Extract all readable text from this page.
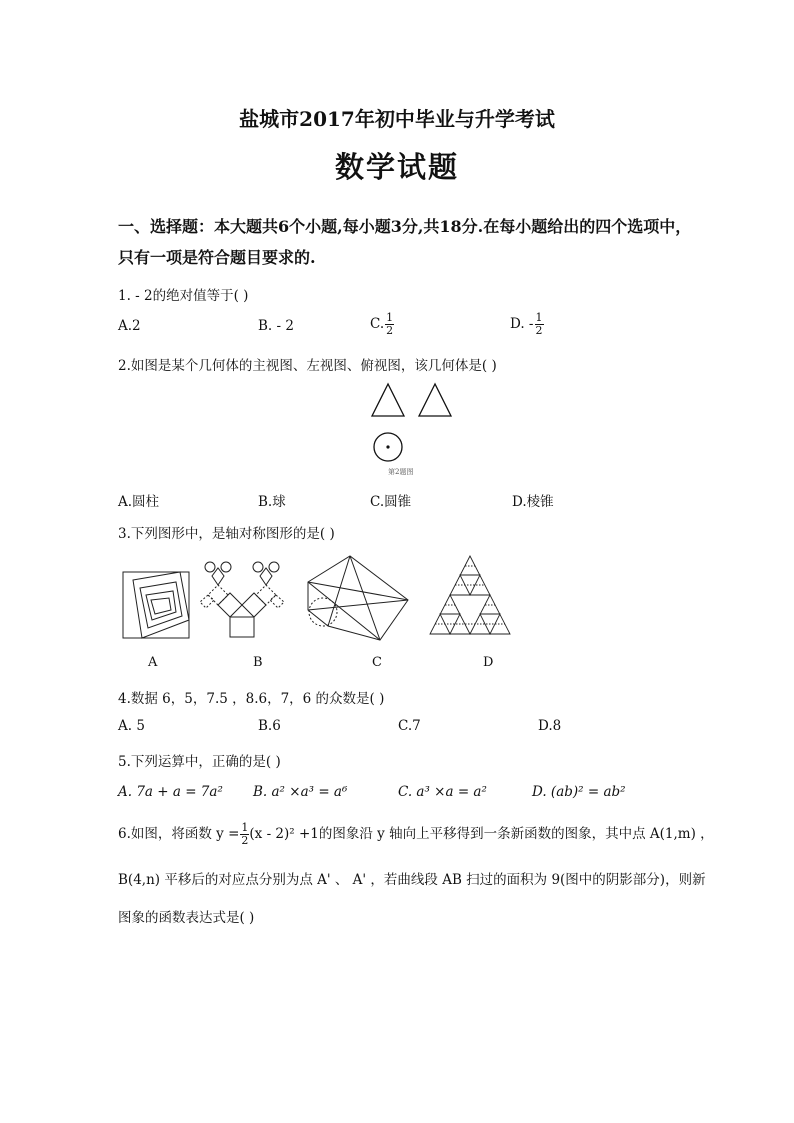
盐城市2017年初中毕业与升学考试
数学试题
一、选择题：本大题共6个小题,每小题3分,共18分.在每小题给出的四个选项中，
只有一项是符合题目要求的.
1. - 2的绝对值等于( )
A.2	B. - 2	C. $\frac{1}{2}$	D. - $\frac{1}{2}$
2.如图是某个几何体的主视图、左视图、俯视图，该几何体是( )
第2题图
A.圆柱	B.球	C.圆锥	D.棱锥
3.下列图形中，是轴对称图形的是( )
A	B	C	D
4.数据 6，5，7.5 ，8.6，7，6 的众数是( )
A. 5	B.6	C.7	D.8
5.下列运算中，正确的是( )
A. 7a + a = 7a² B. a² ×a³ = a⁶	C. a³ ×a = a²	D. (ab)² = ab²
6.如图，将函数 $y = \frac{1}{2} (x - 2)^2 +1$的图象沿 y 轴向上平移得到一条新函数的图象，其中点 A(1,m) ，
B(4,n) 平移后的对应点分别为点 A' 、 A' ，若曲线段 AB 扫过的面积为 9(图中的阴影部分)，则新
图象的函数表达式是( )
